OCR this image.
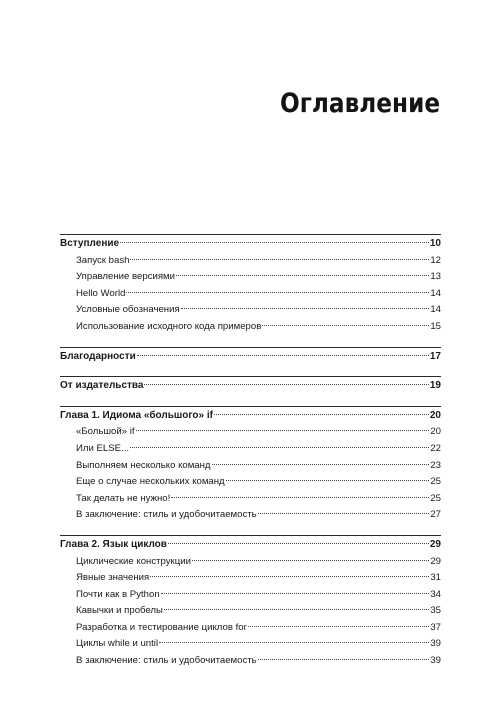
Оглавление
Вступление	10
Запуск bash	12
Управление версиями	13
Hello World	14
Условные обозначения	14
Использование исходного кода примеров	15
Благодарности	17
От издательства	19
Глава 1. Идиома «большого» if	20
«Большой» if	20
Или ELSE...	22
Выполняем несколько команд	23
Еще о случае нескольких команд	25
Так делать не нужно!	25
В заключение: стиль и удобочитаемость	27
Глава 2. Язык циклов	29
Циклические конструкции	29
Явные значения	31
Почти как в Python	34
Кавычки и пробелы	35
Разработка и тестирование циклов for	37
Циклы while и until	39
В заключение: стиль и удобочитаемость	39
